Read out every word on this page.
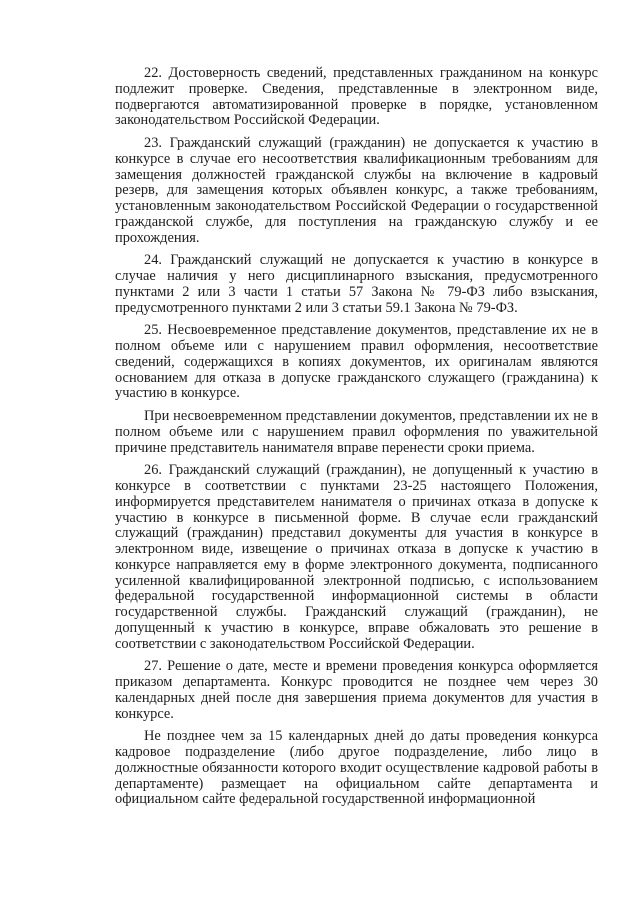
22. Достоверность сведений, представленных гражданином на конкурс подлежит проверке. Сведения, представленные в электронном виде, подвергаются автоматизированной проверке в порядке, установленном законодательством Российской Федерации.

23. Гражданский служащий (гражданин) не допускается к участию в конкурсе в случае его несоответствия квалификационным требованиям для замещения должностей гражданской службы на включение в кадровый резерв, для замещения которых объявлен конкурс, а также требованиям, установленным законодательством Российской Федерации о государственной гражданской службе, для поступления на гражданскую службу и ее прохождения.

24. Гражданский служащий не допускается к участию в конкурсе в случае наличия у него дисциплинарного взыскания, предусмотренного пунктами 2 или 3 части 1 статьи 57 Закона № 79-ФЗ либо взыскания, предусмотренного пунктами 2 или 3 статьи 59.1 Закона № 79-ФЗ.

25. Несвоевременное представление документов, представление их не в полном объеме или с нарушением правил оформления, несоответствие сведений, содержащихся в копиях документов, их оригиналам являются основанием для отказа в допуске гражданского служащего (гражданина) к участию в конкурсе.

При несвоевременном представлении документов, представлении их не в полном объеме или с нарушением правил оформления по уважительной причине представитель нанимателя вправе перенести сроки приема.

26. Гражданский служащий (гражданин), не допущенный к участию в конкурсе в соответствии с пунктами 23-25 настоящего Положения, информируется представителем нанимателя о причинах отказа в допуске к участию в конкурсе в письменной форме. В случае если гражданский служащий (гражданин) представил документы для участия в конкурсе в электронном виде, извещение о причинах отказа в допуске к участию в конкурсе направляется ему в форме электронного документа, подписанного усиленной квалифицированной электронной подписью, с использованием федеральной государственной информационной системы в области государственной службы. Гражданский служащий (гражданин), не допущенный к участию в конкурсе, вправе обжаловать это решение в соответствии с законодательством Российской Федерации.

27. Решение о дате, месте и времени проведения конкурса оформляется приказом департамента. Конкурс проводится не позднее чем через 30 календарных дней после дня завершения приема документов для участия в конкурсе.

Не позднее чем за 15 календарных дней до даты проведения конкурса кадровое подразделение (либо другое подразделение, либо лицо в должностные обязанности которого входит осуществление кадровой работы в департаменте) размещает на официальном сайте департамента и официальном сайте федеральной государственной информационной
